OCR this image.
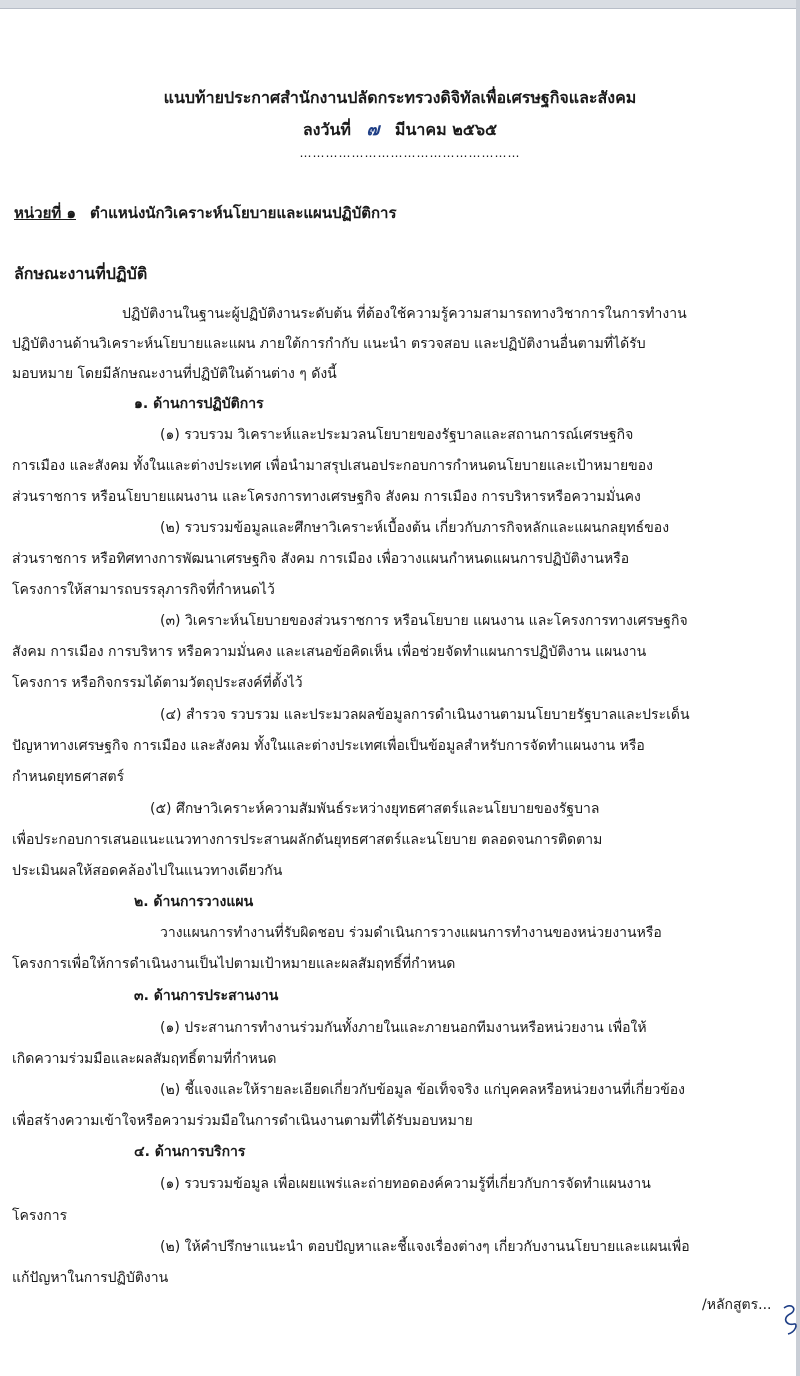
แนบท้ายประกาศสำนักงานปลัดกระทรวงดิจิทัลเพื่อเศรษฐกิจและสังคม
ลงวันที่ ๗ มีนาคม ๒๕๖๕
……………………………………………
หน่วยที่ ๑ ตำแหน่งนักวิเคราะห์นโยบายและแผนปฏิบัติการ
ลักษณะงานที่ปฏิบัติ
ปฏิบัติงานในฐานะผู้ปฏิบัติงานระดับต้น ที่ต้องใช้ความรู้ความสามารถทางวิชาการในการทำงาน
ปฏิบัติงานด้านวิเคราะห์นโยบายและแผน ภายใต้การกำกับ แนะนำ ตรวจสอบ และปฏิบัติงานอื่นตามที่ได้รับ
มอบหมาย โดยมีลักษณะงานที่ปฏิบัติในด้านต่าง ๆ ดังนี้
๑. ด้านการปฏิบัติการ
(๑) รวบรวม วิเคราะห์และประมวลนโยบายของรัฐบาลและสถานการณ์เศรษฐกิจ
การเมือง และสังคม ทั้งในและต่างประเทศ เพื่อนำมาสรุปเสนอประกอบการกำหนดนโยบายและเป้าหมายของ
ส่วนราชการ หรือนโยบายแผนงาน และโครงการทางเศรษฐกิจ สังคม การเมือง การบริหารหรือความมั่นคง
(๒) รวบรวมข้อมูลและศึกษาวิเคราะห์เบื้องต้น เกี่ยวกับภารกิจหลักและแผนกลยุทธ์ของ
ส่วนราชการ หรือทิศทางการพัฒนาเศรษฐกิจ สังคม การเมือง เพื่อวางแผนกำหนดแผนการปฏิบัติงานหรือ
โครงการให้สามารถบรรลุภารกิจที่กำหนดไว้
(๓) วิเคราะห์นโยบายของส่วนราชการ หรือนโยบาย แผนงาน และโครงการทางเศรษฐกิจ
สังคม การเมือง การบริหาร หรือความมั่นคง และเสนอข้อคิดเห็น เพื่อช่วยจัดทำแผนการปฏิบัติงาน แผนงาน
โครงการ หรือกิจกรรมได้ตามวัตถุประสงค์ที่ตั้งไว้
(๔) สำรวจ รวบรวม และประมวลผลข้อมูลการดำเนินงานตามนโยบายรัฐบาลและประเด็น
ปัญหาทางเศรษฐกิจ การเมือง และสังคม ทั้งในและต่างประเทศเพื่อเป็นข้อมูลสำหรับการจัดทำแผนงาน หรือ
กำหนดยุทธศาสตร์
(๕) ศึกษาวิเคราะห์ความสัมพันธ์ระหว่างยุทธศาสตร์และนโยบายของรัฐบาล
เพื่อประกอบการเสนอแนะแนวทางการประสานผลักดันยุทธศาสตร์และนโยบาย ตลอดจนการติดตาม
ประเมินผลให้สอดคล้องไปในแนวทางเดียวกัน
๒. ด้านการวางแผน
วางแผนการทำงานที่รับผิดชอบ ร่วมดำเนินการวางแผนการทำงานของหน่วยงานหรือ
โครงการเพื่อให้การดำเนินงานเป็นไปตามเป้าหมายและผลสัมฤทธิ์ที่กำหนด
๓. ด้านการประสานงาน
(๑) ประสานการทำงานร่วมกันทั้งภายในและภายนอกทีมงานหรือหน่วยงาน เพื่อให้
เกิดความร่วมมือและผลสัมฤทธิ์ตามที่กำหนด
(๒) ชี้แจงและให้รายละเอียดเกี่ยวกับข้อมูล ข้อเท็จจริง แก่บุคคลหรือหน่วยงานที่เกี่ยวข้อง
เพื่อสร้างความเข้าใจหรือความร่วมมือในการดำเนินงานตามที่ได้รับมอบหมาย
๔. ด้านการบริการ
(๑) รวบรวมข้อมูล เพื่อเผยแพร่และถ่ายทอดองค์ความรู้ที่เกี่ยวกับการจัดทำแผนงาน
โครงการ
(๒) ให้คำปรึกษาแนะนำ ตอบปัญหาและชี้แจงเรื่องต่างๆ เกี่ยวกับงานนโยบายและแผนเพื่อ
แก้ปัญหาในการปฏิบัติงาน
/หลักสูตร...
